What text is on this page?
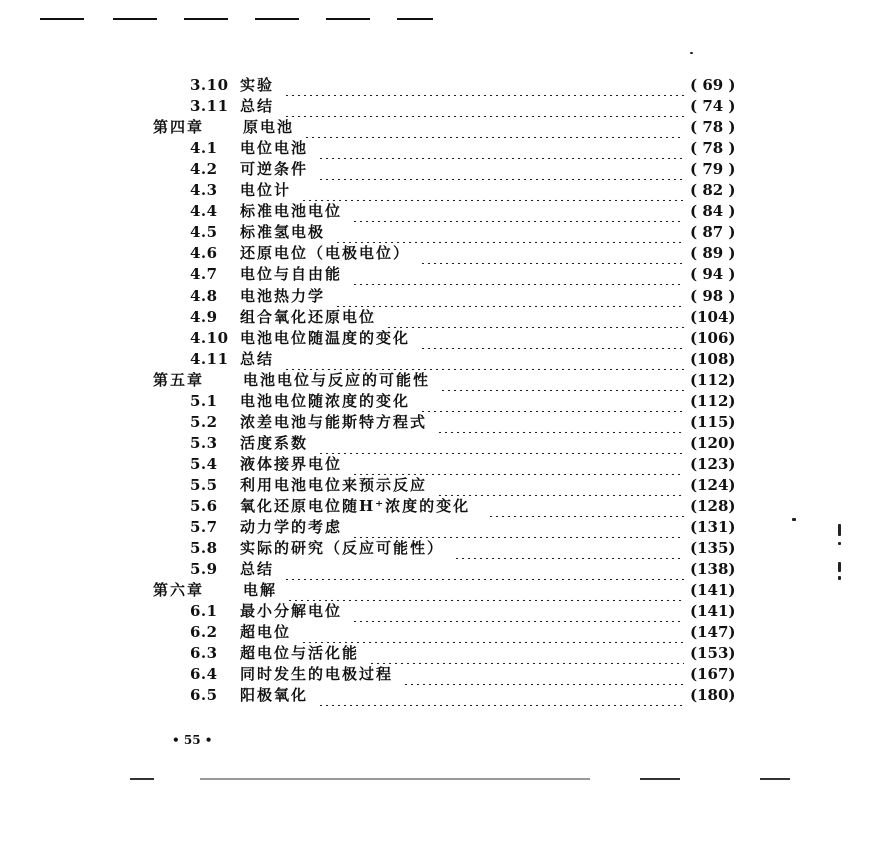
3.10 实验	( 69 )
3.11 总结	( 74 )
第四章	原电池	( 78 )
4.1 电位电池	( 78 )
4.2 可逆条件	( 79 )
4.3 电位计	( 82 )
4.4 标准电池电位	( 84 )
4.5 标准氢电极	( 87 )
4.6 还原电位（电极电位）	( 89 )
4.7 电位与自由能	( 94 )
4.8 电池热力学	( 98 )
4.9 组合氧化还原电位	(104)
4.10 电池电位随温度的变化	(106)
4.11 总结	(108)
第五章	电池电位与反应的可能性	(112)
5.1 电池电位随浓度的变化	(112)
5.2 浓差电池与能斯特方程式	(115)
5.3 活度系数	(120)
5.4 液体接界电位	(123)
5.5 利用电池电位来预示反应	(124)
5.6 氧化还原电位随H⁺浓度的变化	(128)
5.7 动力学的考虑	(131)
5.8 实际的研究（反应可能性）	(135)
5.9 总结	(138)
第六章	电解	(141)
6.1 最小分解电位	(141)
6.2 超电位	(147)
6.3 超电位与活化能	(153)
6.4 同时发生的电极过程	(167)
6.5 阳极氧化	(180)
• 55 •
